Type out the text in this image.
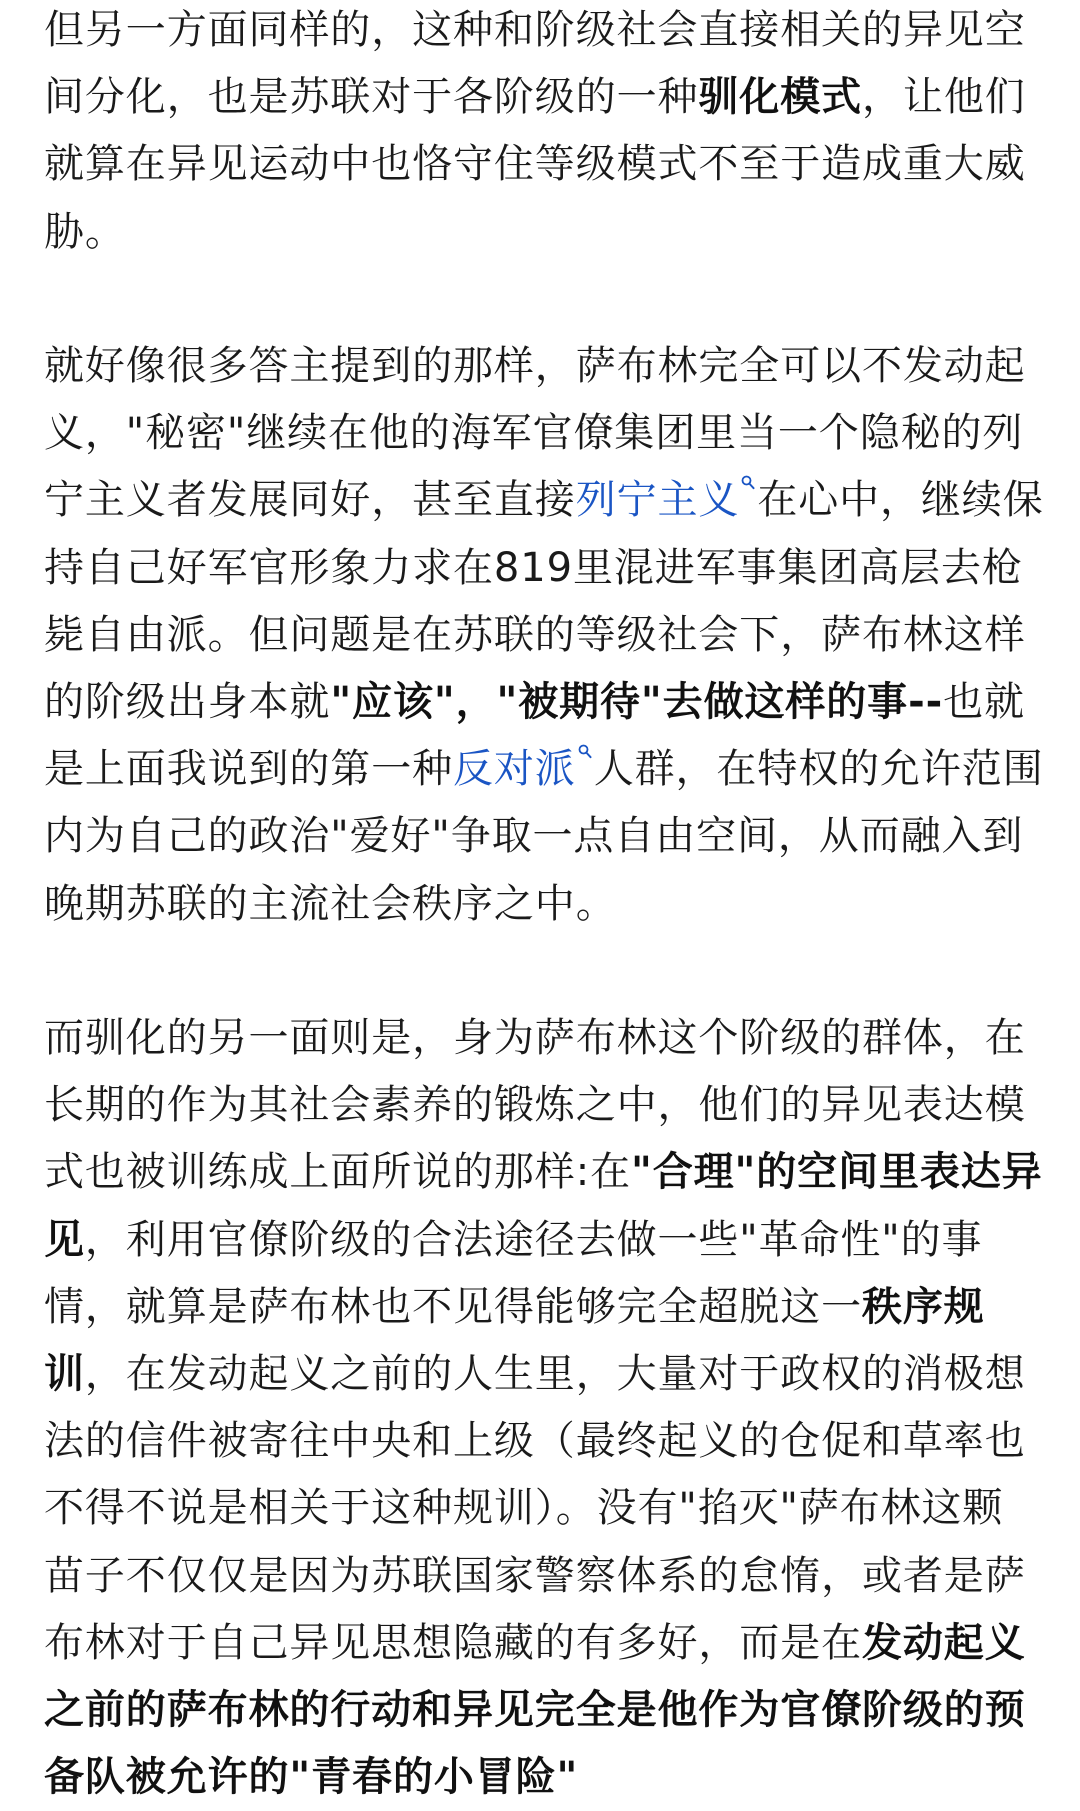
但另一方面同样的，这种和阶级社会直接相关的异见空间分化，也是苏联对于各阶级的一种驯化模式，让他们就算在异见运动中也恪守住等级模式不至于造成重大威胁。

就好像很多答主提到的那样，萨布林完全可以不发动起义，"秘密"继续在他的海军官僚集团里当一个隐秘的列宁主义者发展同好，甚至直接列宁主义 在心中，继续保持自己好军官形象力求在819里混进军事集团高层去枪毙自由派。但问题是在苏联的等级社会下，萨布林这样的阶级出身本就"应该"，"被期待"去做这样的事--也就是上面我说到的第一种反对派 人群，在特权的允许范围内为自己的政治"爱好"争取一点自由空间，从而融入到晚期苏联的主流社会秩序之中。

而驯化的另一面则是，身为萨布林这个阶级的群体，在长期的作为其社会素养的锻炼之中，他们的异见表达模式也被训练成上面所说的那样:在"合理"的空间里表达异见，利用官僚阶级的合法途径去做一些"革命性"的事情，就算是萨布林也不见得能够完全超脱这一秩序规训，在发动起义之前的人生里，大量对于政权的消极想法的信件被寄往中央和上级（最终起义的仓促和草率也不得不说是相关于这种规训）。没有"掐灭"萨布林这颗苗子不仅仅是因为苏联国家警察体系的怠惰，或者是萨布林对于自己异见思想隐藏的有多好，而是在发动起义之前的萨布林的行动和异见完全是他作为官僚阶级的预备队被允许的"青春的小冒险"
